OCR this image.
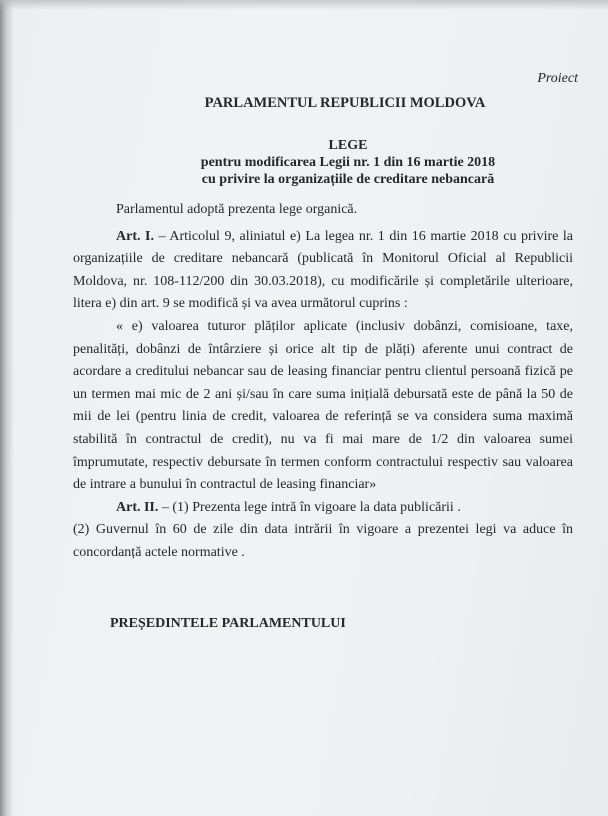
Proiect
PARLAMENTUL REPUBLICII MOLDOVA
LEGE
pentru modificarea Legii nr. 1 din 16 martie 2018
cu privire la organizațiile de creditare nebancară

Parlamentul adoptă prezenta lege organică.

Art. I. – Articolul 9, aliniatul e) La legea nr. 1 din 16 martie 2018 cu privire la organizațiile de creditare nebancară (publicată în Monitorul Oficial al Republicii Moldova, nr. 108-112/200 din 30.03.2018), cu modificările și completările ulterioare, litera e) din art. 9 se modifică și va avea următorul cuprins :

« e) valoarea tuturor plăților aplicate (inclusiv dobânzi, comisioane, taxe, penalități, dobânzi de întârziere și orice alt tip de plăți) aferente unui contract de acordare a creditului nebancar sau de leasing financiar pentru clientul persoană fizică pe un termen mai mic de 2 ani și/sau în care suma inițială debursată este de până la 50 de mii de lei (pentru linia de credit, valoarea de referință se va considera suma maximă stabilită în contractul de credit), nu va fi mai mare de 1/2 din valoarea sumei împrumutate, respectiv debursate în termen conform contractului respectiv sau valoarea de intrare a bunului în contractul de leasing financiar»

Art. II. – (1) Prezenta lege intră în vigoare la data publicării .

(2) Guvernul în 60 de zile din data intrării în vigoare a prezentei legi va aduce în concordanță actele normative .

PREȘEDINTELE PARLAMENTULUI
